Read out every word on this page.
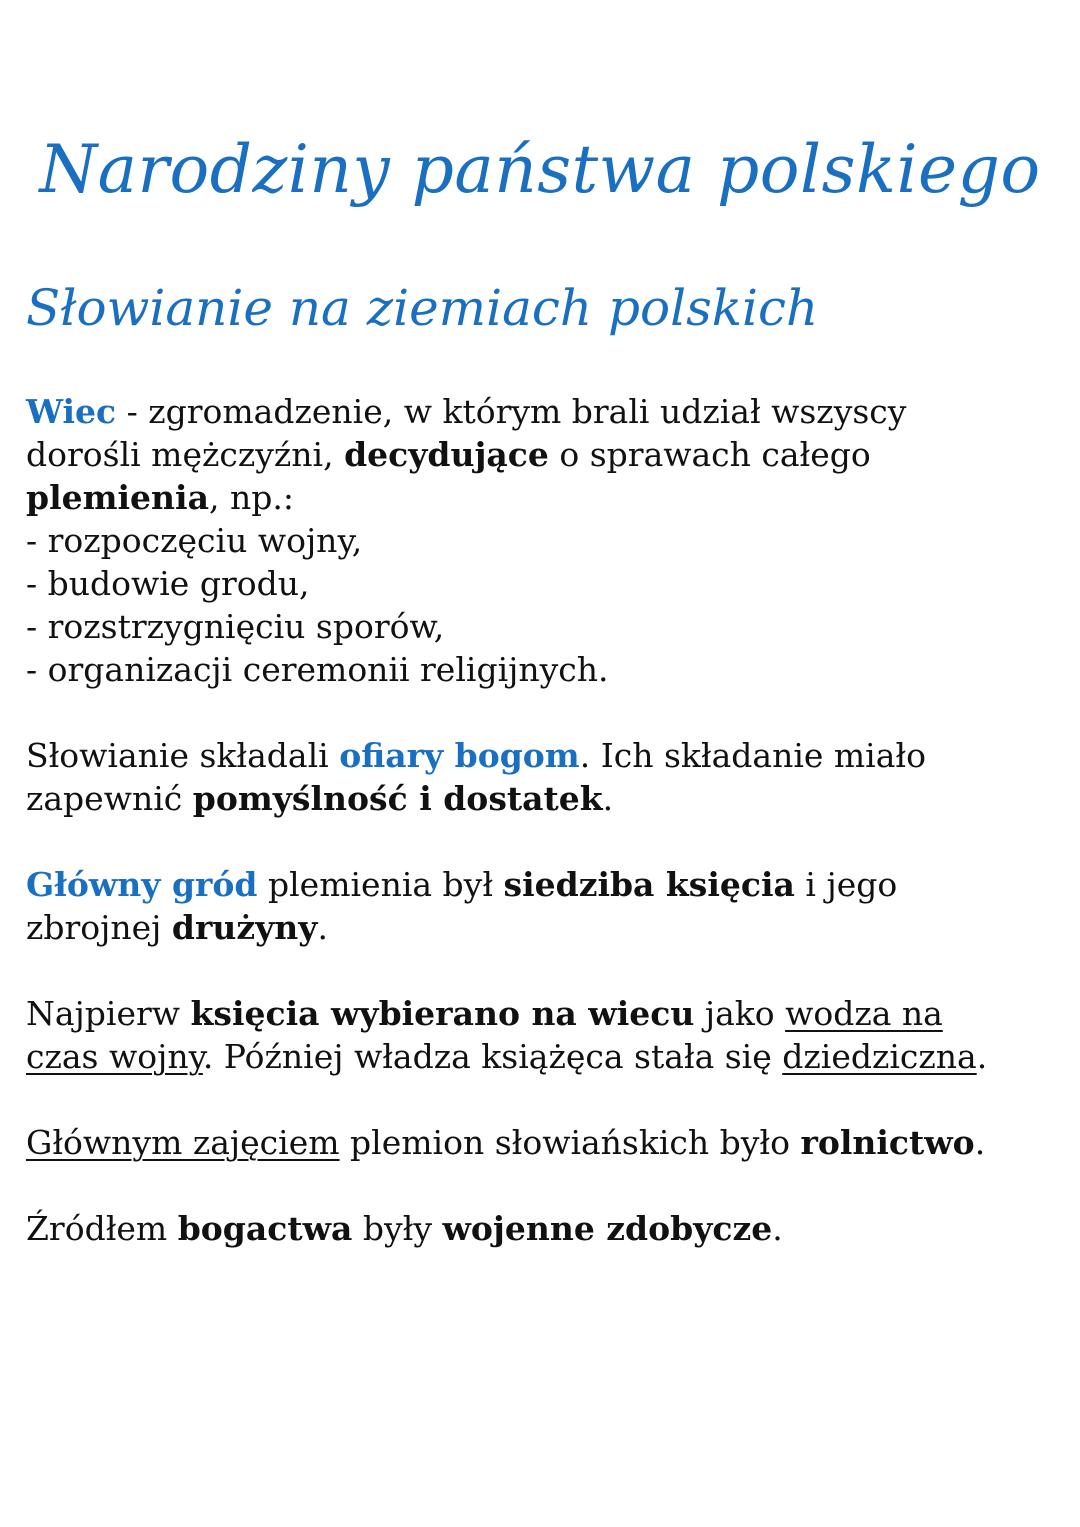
Narodziny państwa polskiego
Słowianie na ziemiach polskich
Wiec - zgromadzenie, w którym brali udział wszyscy
dorośli mężczyźni, decydujące o sprawach całego
plemienia, np.:
- rozpoczęciu wojny,
- budowie grodu,
- rozstrzygnięciu sporów,
- organizacji ceremonii religijnych.
Słowianie składali ofiary bogom. Ich składanie miało
zapewnić pomyślność i dostatek.
Główny gród plemienia był siedziba księcia i jego
zbrojnej drużyny.
Najpierw księcia wybierano na wiecu jako wodza na
czas wojny. Później władza książęca stała się dziedziczna.
Głównym zajęciem plemion słowiańskich było rolnictwo.
Źródłem bogactwa były wojenne zdobycze.
